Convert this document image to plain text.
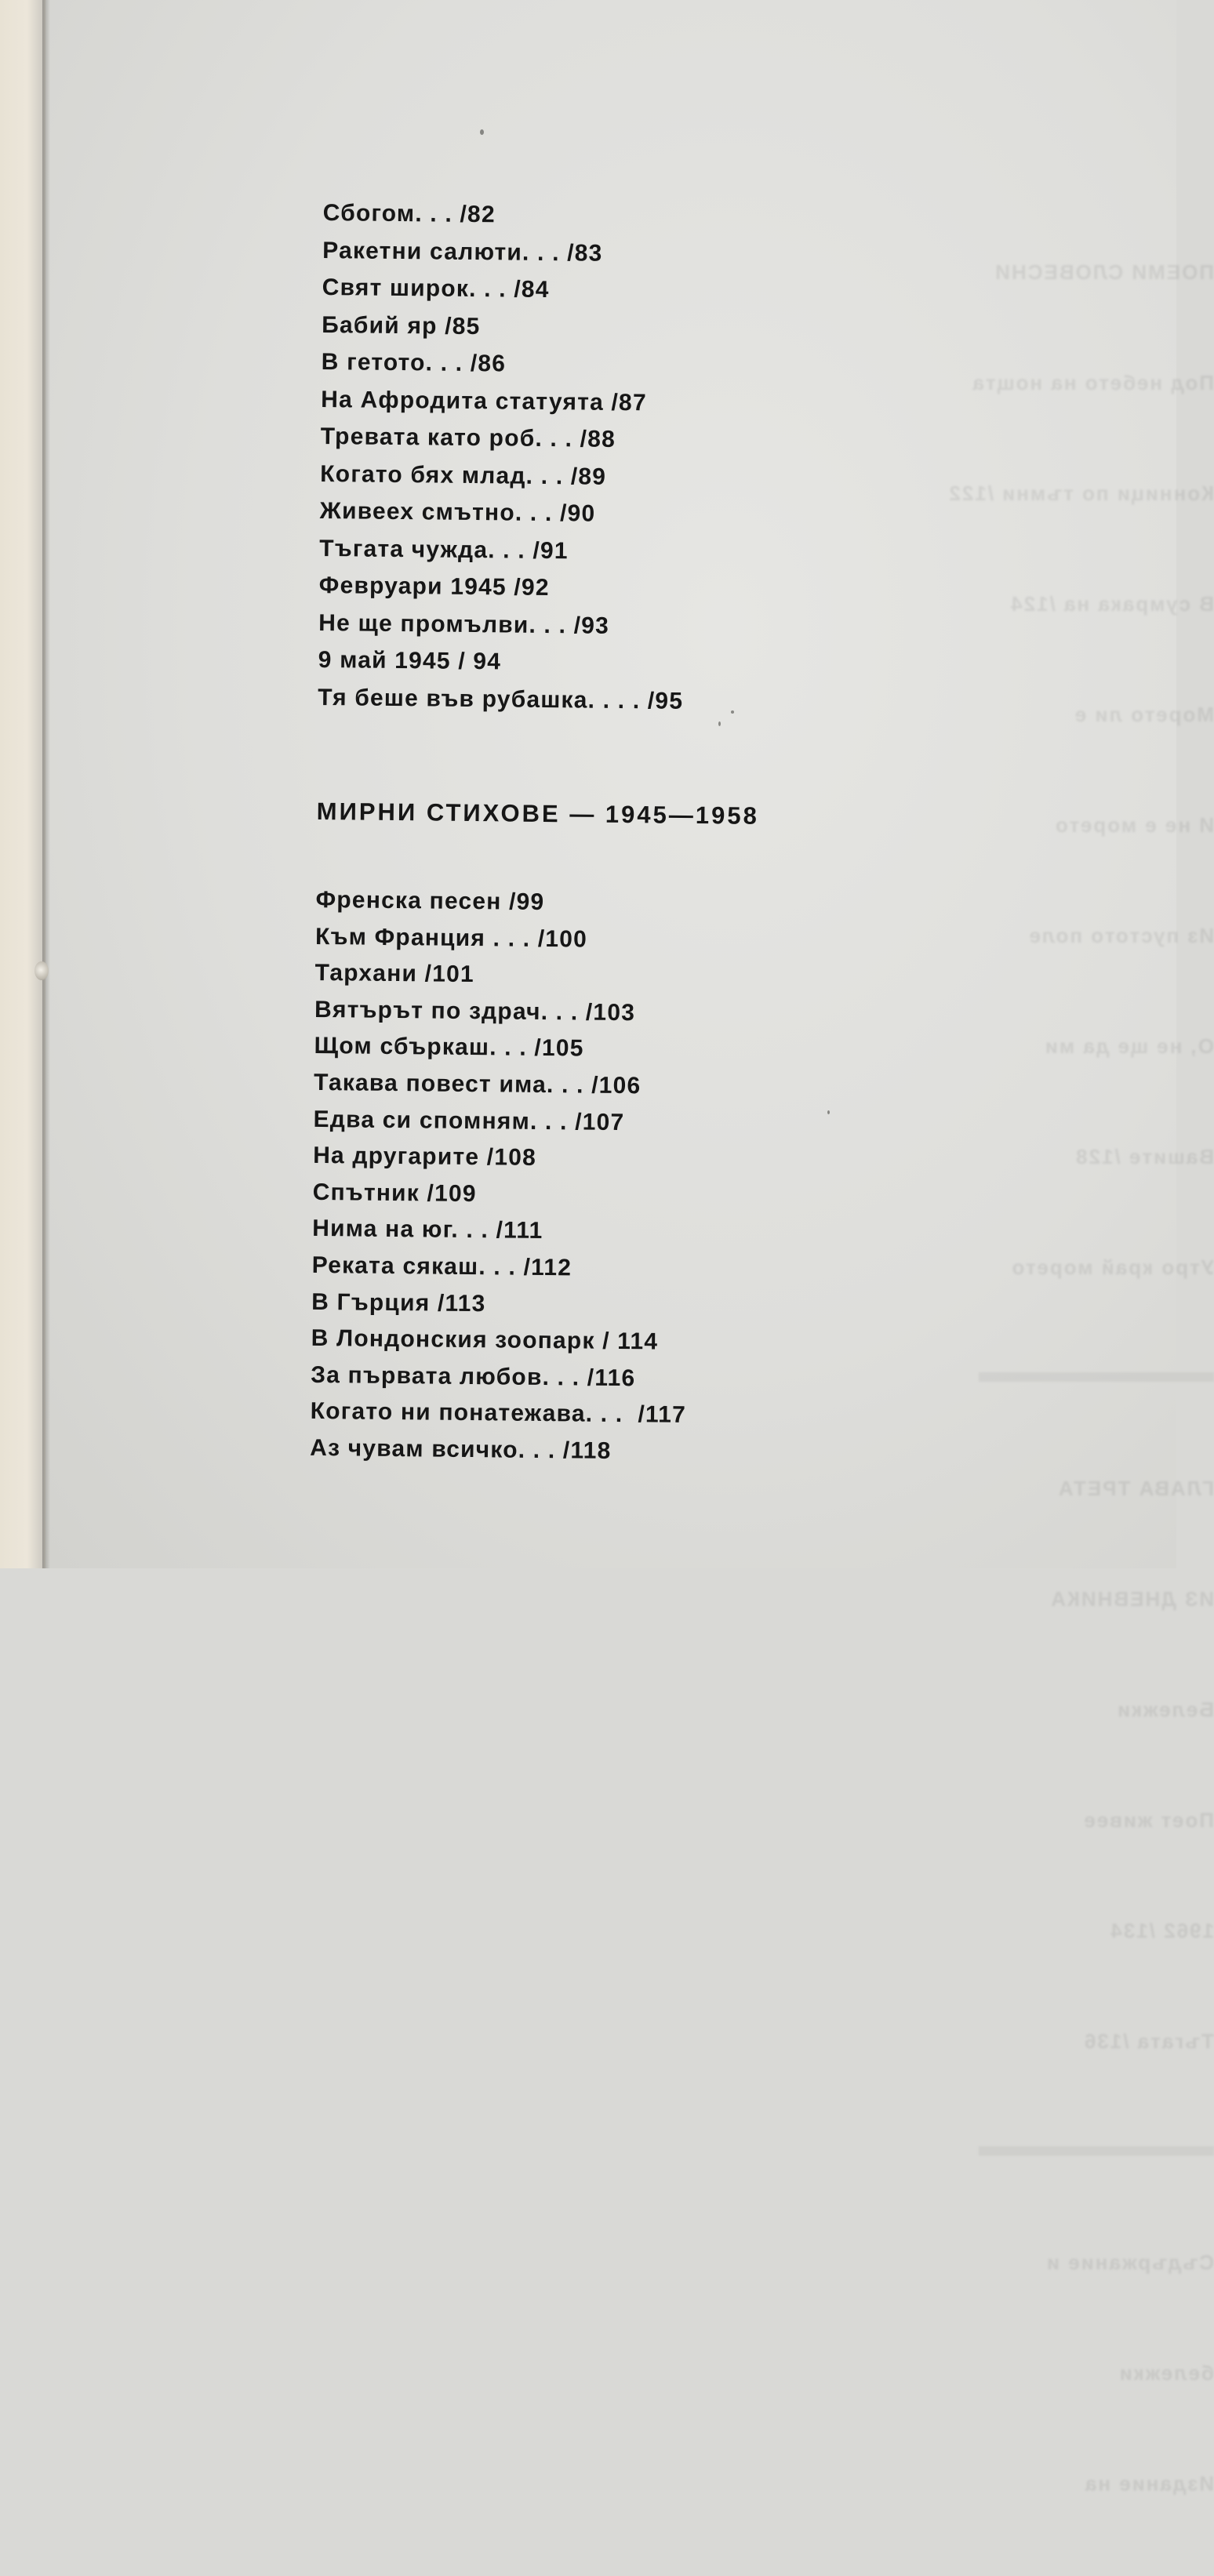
ПОЕМИ СЛОВЕСНИ

Под небето на нощта

Конници по тъмни /122

В сумрака на /124

Морето ли е

И не е морето

Из пустото поле

О, не ще да ми

Вашите /128

Утро край морето

ГЛАВА ТРЕТА

ИЗ ДНЕВНИКА

Бележки

Поет живее

1962 /134

Тъгата /136

Съдържание и

бележки

Издание на

Сбогом. . . /82
Ракетни салюти. . . /83
Свят широк. . . /84
Бабий яр /85
В гетото. . . /86
На Афродита статуята /87
Тревата като роб. . . /88
Когато бях млад. . . /89
Живеех смътно. . . /90
Тъгата чужда. . . /91
Февруари 1945 /92
Не ще промълви. . . /93
9 май 1945 / 94
Тя беше във рубашка. . . . /95
МИРНИ СТИХОВЕ — 1945—1958
Френска песен /99
Към Франция . . . /100
Тархани /101
Вятърът по здрач. . . /103
Щом сбъркаш. . . /105
Такава повест има. . . /106
Едва си спомням. . . /107
На другарите /108
Спътник /109
Нима на юг. . . /111
Реката сякаш. . . /112
В Гърция /113
В Лондонския зоопарк / 114
За първата любов. . . /116
Когато ни понатежава. . .  /117
Аз чувам всичко. . . /118
